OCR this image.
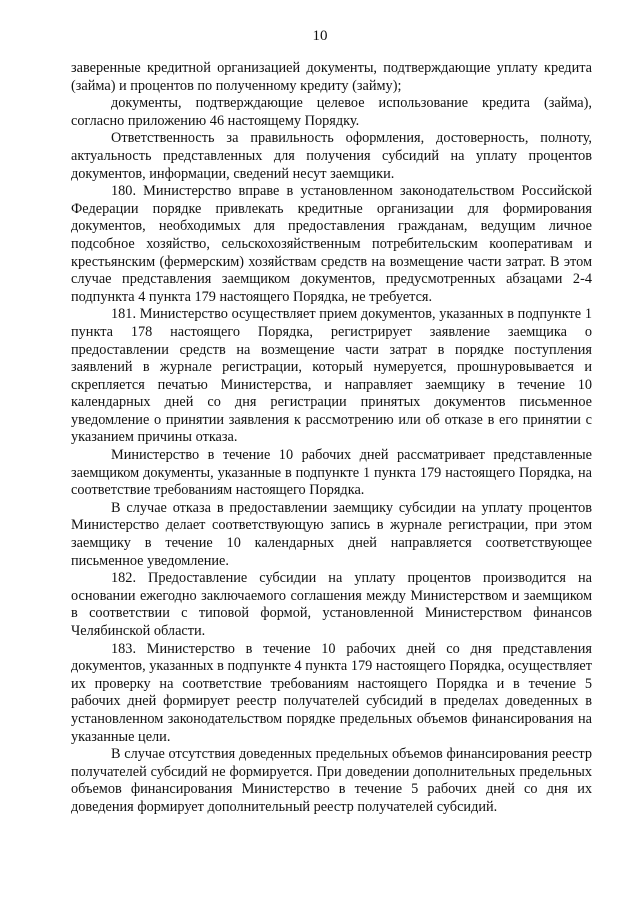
10

заверенные кредитной организацией документы, подтверждающие уплату кредита (займа) и процентов по полученному кредиту (займу);

документы, подтверждающие целевое использование кредита (займа), согласно приложению 46 настоящему Порядку.

Ответственность за правильность оформления, достоверность, полноту, актуальность представленных для получения субсидий на уплату процентов документов, информации, сведений несут заемщики.

180. Министерство вправе в установленном законодательством Российской Федерации порядке привлекать кредитные организации для формирования документов, необходимых для предоставления гражданам, ведущим личное подсобное хозяйство, сельскохозяйственным потребительским кооперативам и крестьянским (фермерским) хозяйствам средств на возмещение части затрат. В этом случае представления заемщиком документов, предусмотренных абзацами 2-4 подпункта 4 пункта 179 настоящего Порядка, не требуется.

181. Министерство осуществляет прием документов, указанных в подпункте 1 пункта 178 настоящего Порядка, регистрирует заявление заемщика о предоставлении средств на возмещение части затрат в порядке поступления заявлений в журнале регистрации, который нумеруется, прошнуровывается и скрепляется печатью Министерства, и направляет заемщику в течение 10 календарных дней со дня регистрации принятых документов письменное уведомление о принятии заявления к рассмотрению или об отказе в его принятии с указанием причины отказа.

Министерство в течение 10 рабочих дней рассматривает представленные заемщиком документы, указанные в подпункте 1 пункта 179 настоящего Порядка, на соответствие требованиям настоящего Порядка.

В случае отказа в предоставлении заемщику субсидии на уплату процентов Министерство делает соответствующую запись в журнале регистрации, при этом заемщику в течение 10 календарных дней направляется соответствующее письменное уведомление.

182. Предоставление субсидии на уплату процентов производится на основании ежегодно заключаемого соглашения между Министерством и заемщиком в соответствии с типовой формой, установленной Министерством финансов Челябинской области.

183. Министерство в течение 10 рабочих дней со дня представления документов, указанных в подпункте 4 пункта 179 настоящего Порядка, осуществляет их проверку на соответствие требованиям настоящего Порядка и в течение 5 рабочих дней формирует реестр получателей субсидий в пределах доведенных в установленном законодательством порядке предельных объемов финансирования на указанные цели.

В случае отсутствия доведенных предельных объемов финансирования реестр получателей субсидий не формируется. При доведении дополнительных предельных объемов финансирования Министерство в течение 5 рабочих дней со дня их доведения формирует дополнительный реестр получателей субсидий.
